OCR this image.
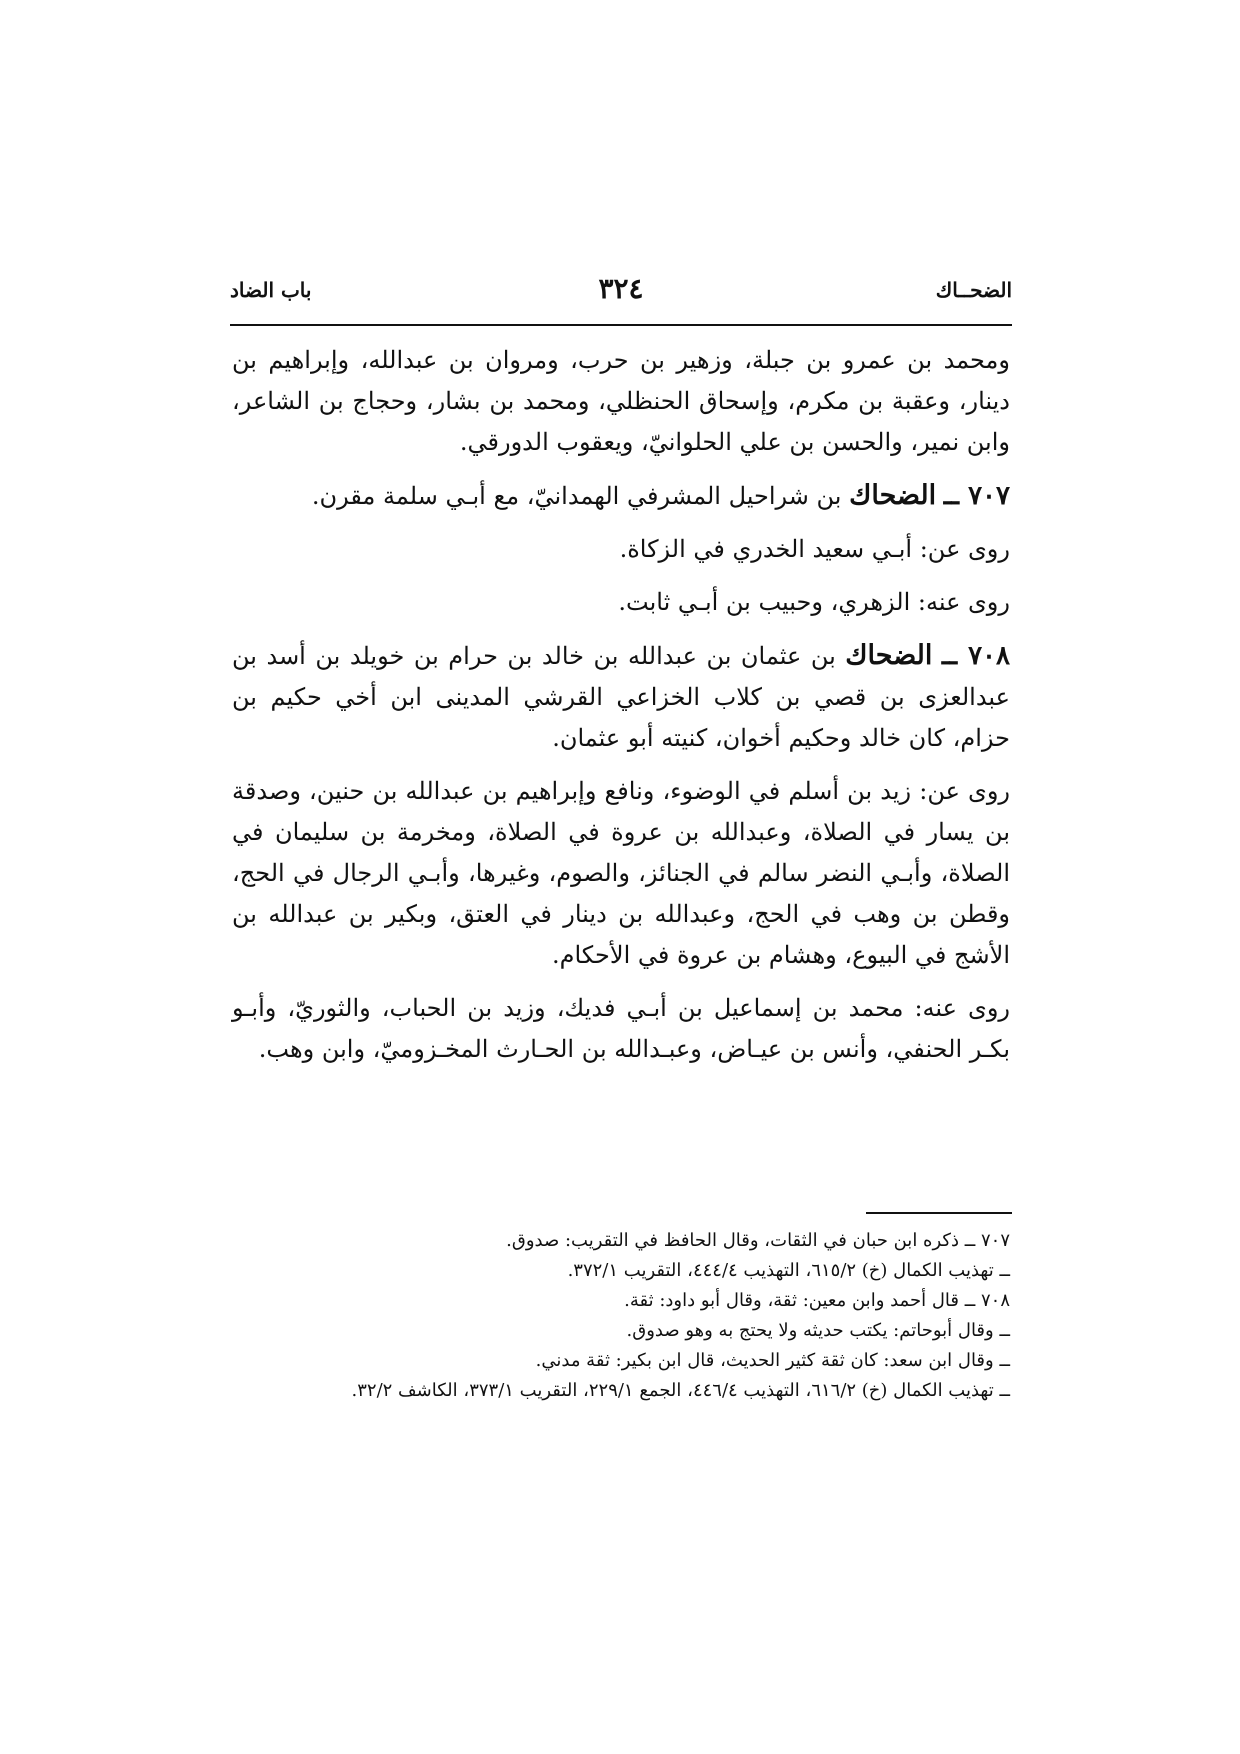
الضحــاك
٣٢٤
باب الضاد

ومحمد بن عمرو بن جبلة، وزهير بن حرب، ومروان بن عبدالله، وإبراهيم بن دينار، وعقبة بن مكرم، وإسحاق الحنظلي، ومحمد بن بشار، وحجاج بن الشاعر، وابن نمير، والحسن بن علي الحلوانيّ، ويعقوب الدورقي.

٧٠٧ ــ الضحاك بن شراحيل المشرفي الهمدانيّ، مع أبـي سلمة مقرن.

روى عن: أبـي سعيد الخدري في الزكاة.

روى عنه: الزهري، وحبيب بن أبـي ثابت.

٧٠٨ ــ الضحاك بن عثمان بن عبدالله بن خالد بن حرام بن خويلد بن أسد بن عبدالعزى بن قصي بن كلاب الخزاعي القرشي المدينى ابن أخي حكيم بن حزام، كان خالد وحكيم أخوان، كنيته أبو عثمان.

روى عن: زيد بن أسلم في الوضوء، ونافع وإبراهيم بن عبدالله بن حنين، وصدقة بن يسار في الصلاة، وعبدالله بن عروة في الصلاة، ومخرمة بن سليمان في الصلاة، وأبـي النضر سالم في الجنائز، والصوم، وغيرها، وأبـي الرجال في الحج، وقطن بن وهب في الحج، وعبدالله بن دينار في العتق، وبكير بن عبدالله بن الأشج في البيوع، وهشام بن عروة في الأحكام.

روى عنه: محمد بن إسماعيل بن أبـي فديك، وزيد بن الحباب، والثوريّ، وأبـو بكـر الحنفي، وأنس بن عيـاض، وعبـدالله بن الحـارث المخـزوميّ، وابن وهب.

٧٠٧ ــ ذكره ابن حبان في الثقات، وقال الحافظ في التقريب: صدوق.

ــ تهذيب الكمال (خ) ٦١٥/٢، التهذيب ٤٤٤/٤، التقريب ٣٧٢/١.

٧٠٨ ــ قال أحمد وابن معين: ثقة، وقال أبو داود: ثقة.

ــ وقال أبوحاتم: يكتب حديثه ولا يحتج به وهو صدوق.

ــ وقال ابن سعد: كان ثقة كثير الحديث، قال ابن بكير: ثقة مدني.

ــ تهذيب الكمال (خ) ٦١٦/٢، التهذيب ٤٤٦/٤، الجمع ٢٢٩/١، التقريب ٣٧٣/١، الكاشف ٣٢/٢.
